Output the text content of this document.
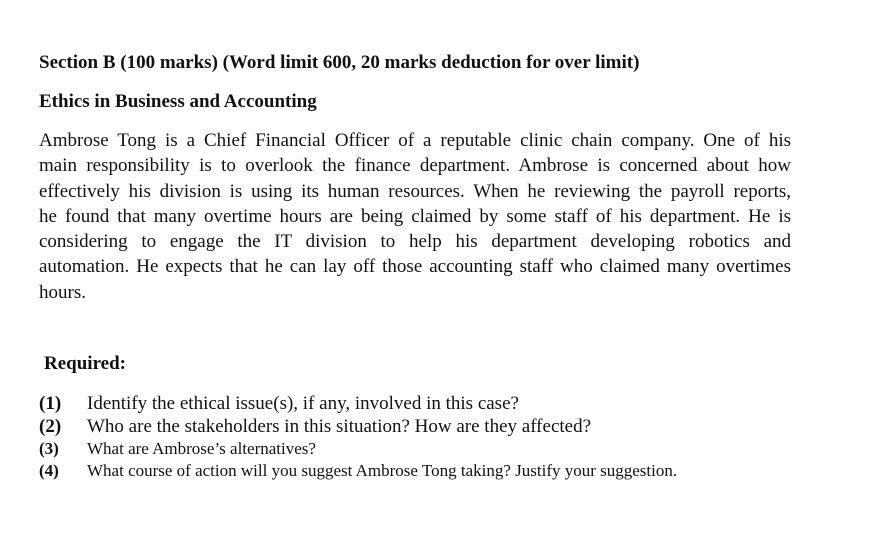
Section B (100 marks) (Word limit 600, 20 marks deduction for over limit)
Ethics in Business and Accounting
Ambrose Tong is a Chief Financial Officer of a reputable clinic chain company. One of his
main responsibility is to overlook the finance department. Ambrose is concerned about how
effectively his division is using its human resources. When he reviewing the payroll reports,
he found that many overtime hours are being claimed by some staff of his department. He is
considering to engage the IT division to help his department developing robotics and
automation. He expects that he can lay off those accounting staff who claimed many overtimes
hours.
Required:
(1)	Identify the ethical issue(s), if any, involved in this case?
(2)	Who are the stakeholders in this situation? How are they affected?
(3)	What are Ambrose’s alternatives?
(4)	What course of action will you suggest Ambrose Tong taking? Justify your suggestion.
